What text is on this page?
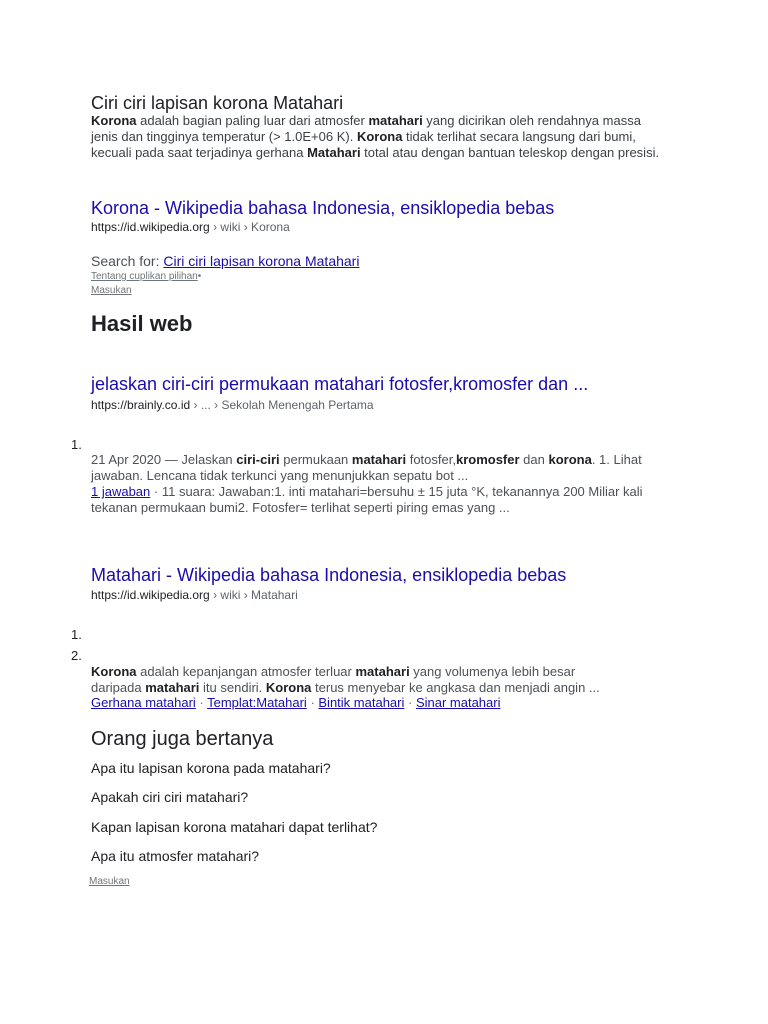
Ciri ciri lapisan korona Matahari
Korona adalah bagian paling luar dari atmosfer matahari yang dicirikan oleh rendahnya massa
jenis dan tingginya temperatur (> 1.0E+06 K). Korona tidak terlihat secara langsung dari bumi,
kecuali pada saat terjadinya gerhana Matahari total atau dengan bantuan teleskop dengan presisi.
Korona - Wikipedia bahasa Indonesia, ensiklopedia bebas
https://id.wikipedia.org › wiki › Korona
Search for: Ciri ciri lapisan korona Matahari
Tentang cuplikan pilihan•
Masukan
Hasil web
jelaskan ciri-ciri permukaan matahari fotosfer,kromosfer dan ...
https://brainly.co.id › ... › Sekolah Menengah Pertama
1.
21 Apr 2020 — Jelaskan ciri-ciri permukaan matahari fotosfer,kromosfer dan korona. 1. Lihat
jawaban. Lencana tidak terkunci yang menunjukkan sepatu bot ...
1 jawaban · 11 suara: Jawaban:1. inti matahari=bersuhu ± 15 juta °K, tekanannya 200 Miliar kali
tekanan permukaan bumi2. Fotosfer= terlihat seperti piring emas yang ...
Matahari - Wikipedia bahasa Indonesia, ensiklopedia bebas
https://id.wikipedia.org › wiki › Matahari
1.
2.
Korona adalah kepanjangan atmosfer terluar matahari yang volumenya lebih besar
daripada matahari itu sendiri. Korona terus menyebar ke angkasa dan menjadi angin ...
Gerhana matahari · Templat:Matahari · Bintik matahari · Sinar matahari
Orang juga bertanya
Apa itu lapisan korona pada matahari?
Apakah ciri ciri matahari?
Kapan lapisan korona matahari dapat terlihat?
Apa itu atmosfer matahari?
Masukan
